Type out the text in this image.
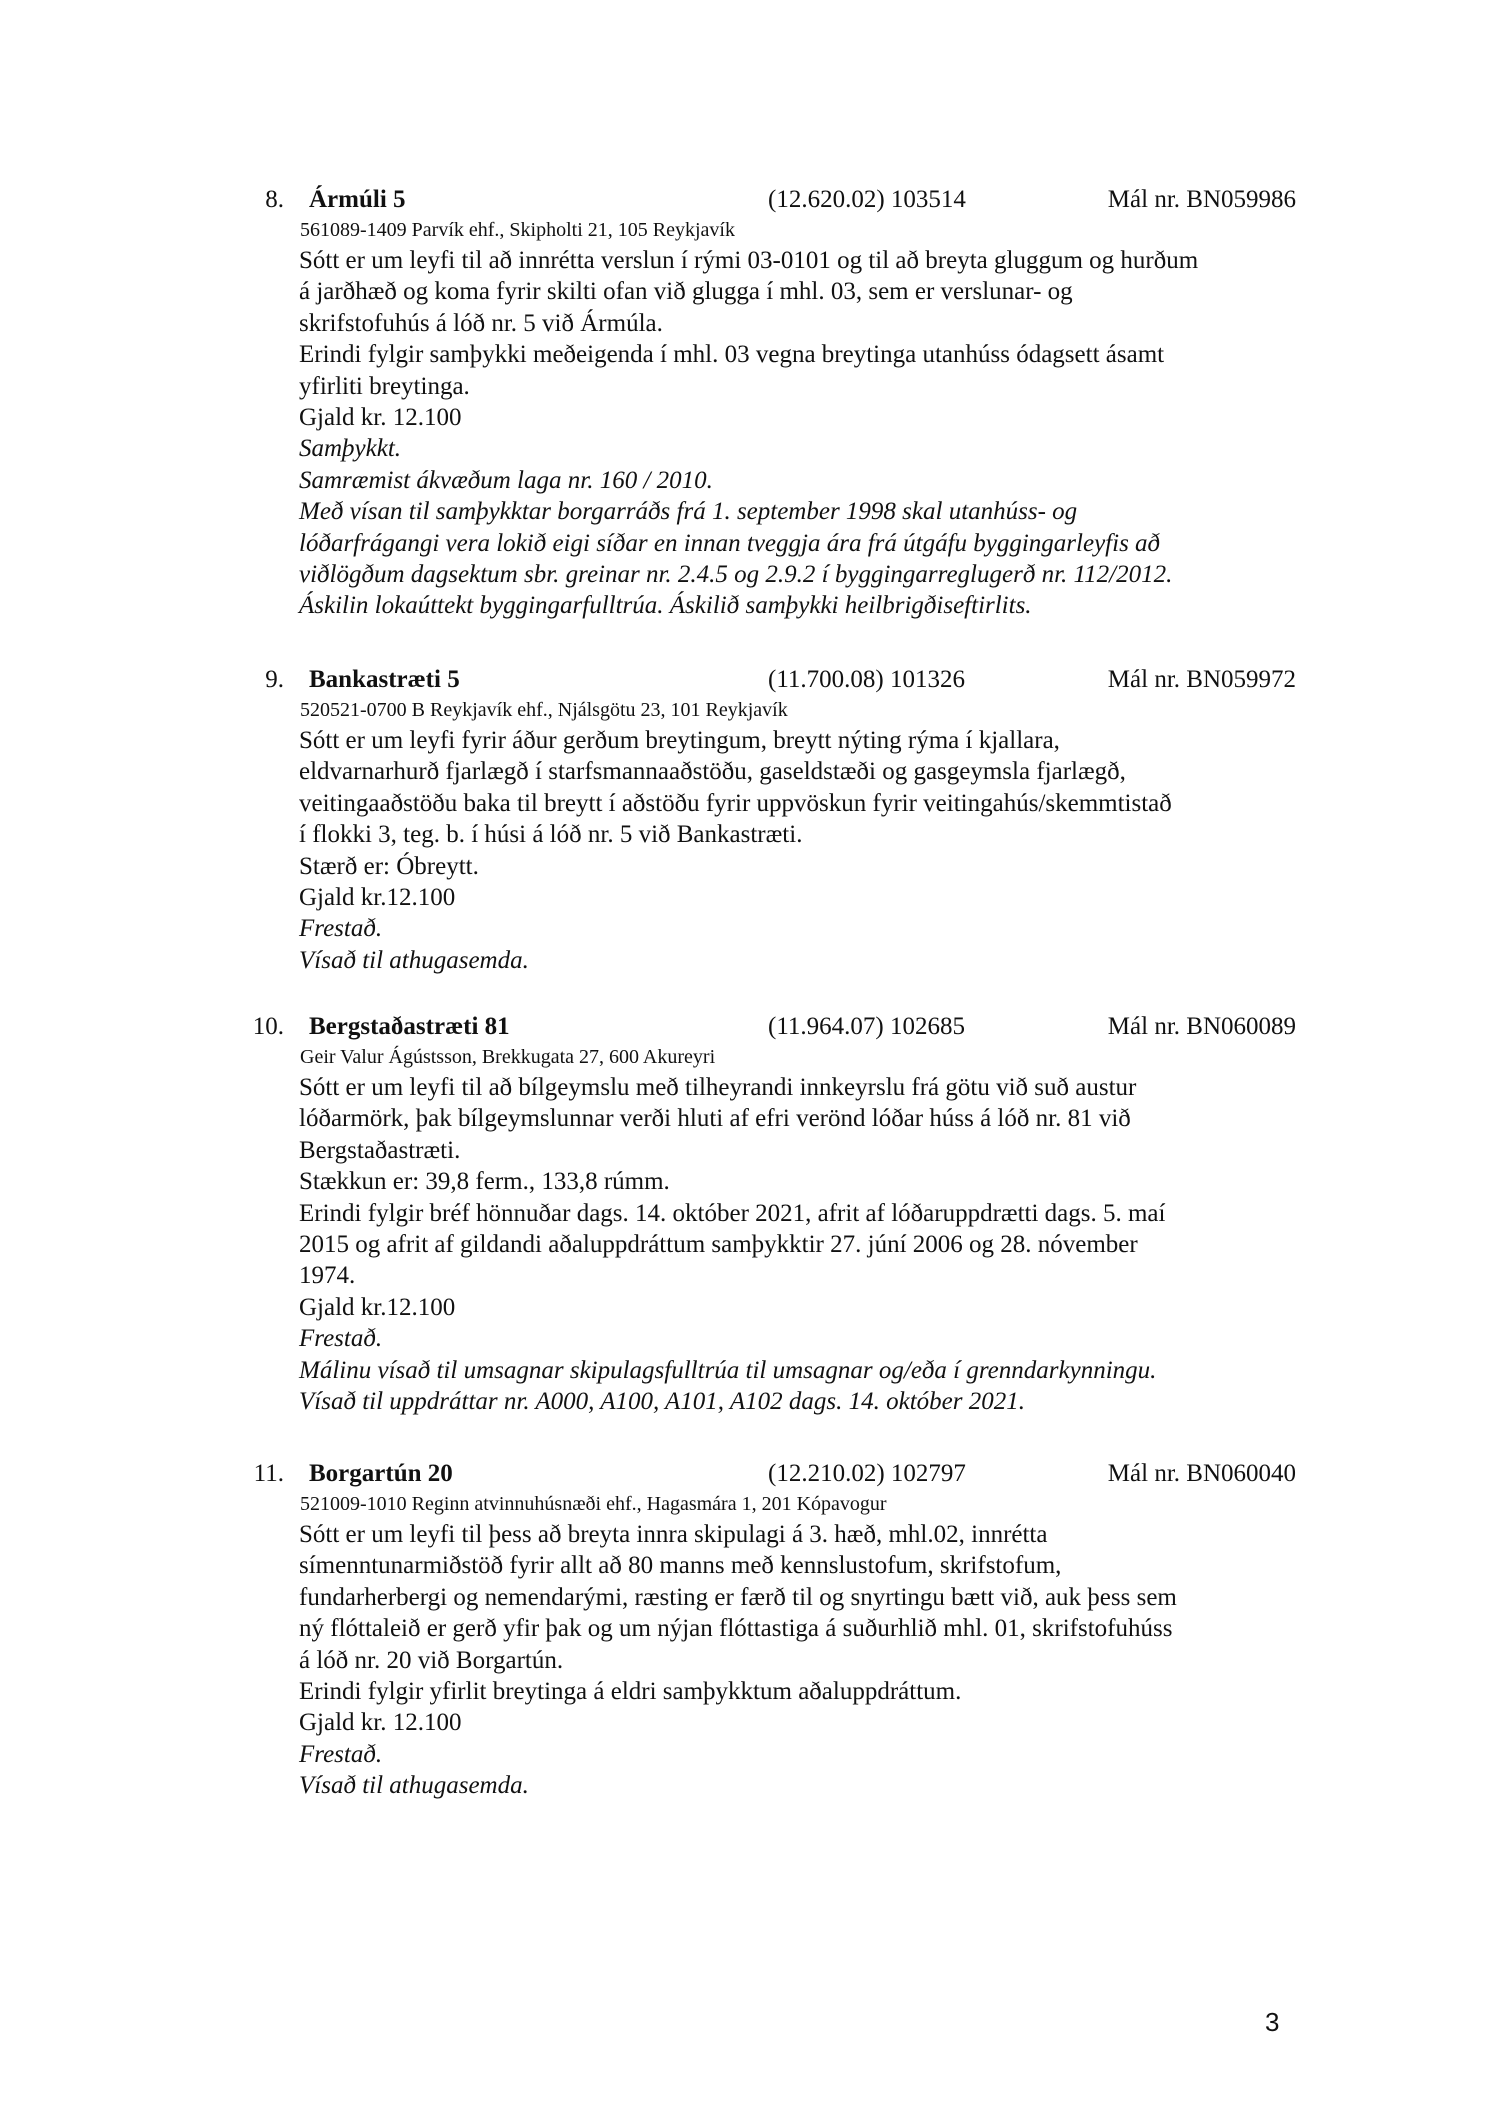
8. Ármúli 5	(12.620.02) 103514	Mál nr. BN059986
561089-1409 Parvík ehf., Skipholti 21, 105 Reykjavík

Sótt er um leyfi til að innrétta verslun í rými 03-0101 og til að breyta gluggum og hurðum

á jarðhæð og koma fyrir skilti ofan við glugga í mhl. 03, sem er verslunar- og

skrifstofuhús á lóð nr. 5 við Ármúla.

Erindi fylgir samþykki meðeigenda í mhl. 03 vegna breytinga utanhúss ódagsett ásamt

yfirliti breytinga.

Gjald kr. 12.100

Samþykkt.

Samræmist ákvæðum laga nr. 160 / 2010.

Með vísan til samþykktar borgarráðs frá 1. september 1998 skal utanhúss- og

lóðarfrágangi vera lokið eigi síðar en innan tveggja ára frá útgáfu byggingarleyfis að

viðlögðum dagsektum sbr. greinar nr. 2.4.5 og 2.9.2 í byggingarreglugerð nr. 112/2012.

Áskilin lokaúttekt byggingarfulltrúa. Áskilið samþykki heilbrigðiseftirlits.

9. Bankastræti 5	(11.700.08) 101326	Mál nr. BN059972
520521-0700 B Reykjavík ehf., Njálsgötu 23, 101 Reykjavík

Sótt er um leyfi fyrir áður gerðum breytingum, breytt nýting rýma í kjallara,

eldvarnarhurð fjarlægð í starfsmannaaðstöðu, gaseldstæði og gasgeymsla fjarlægð,

veitingaaðstöðu baka til breytt í aðstöðu fyrir uppvöskun fyrir veitingahús/skemmtistað

í flokki 3, teg. b. í húsi á lóð nr. 5 við Bankastræti.

Stærð er: Óbreytt.

Gjald kr.12.100

Frestað.

Vísað til athugasemda.

10. Bergstaðastræti 81	(11.964.07) 102685	Mál nr. BN060089
Geir Valur Ágústsson, Brekkugata 27, 600 Akureyri

Sótt er um leyfi til að bílgeymslu með tilheyrandi innkeyrslu frá götu við suð austur

lóðarmörk, þak bílgeymslunnar verði hluti af efri verönd lóðar húss á lóð nr. 81 við

Bergstaðastræti.

Stækkun er: 39,8 ferm., 133,8 rúmm.

Erindi fylgir bréf hönnuðar dags. 14. október 2021, afrit af lóðaruppdrætti dags. 5. maí

2015 og afrit af gildandi aðaluppdráttum samþykktir 27. júní 2006 og 28. nóvember

1974.

Gjald kr.12.100

Frestað.

Málinu vísað til umsagnar skipulagsfulltrúa til umsagnar og/eða í grenndarkynningu.

Vísað til uppdráttar nr. A000, A100, A101, A102 dags. 14. október 2021.

11. Borgartún 20	(12.210.02) 102797	Mál nr. BN060040
521009-1010 Reginn atvinnuhúsnæði ehf., Hagasmára 1, 201 Kópavogur

Sótt er um leyfi til þess að breyta innra skipulagi á 3. hæð, mhl.02, innrétta

símenntunarmiðstöð fyrir allt að 80 manns með kennslustofum, skrifstofum,

fundarherbergi og nemendarými, ræsting er færð til og snyrtingu bætt við, auk þess sem

ný flóttaleið er gerð yfir þak og um nýjan flóttastiga á suðurhlið mhl. 01, skrifstofuhúss

á lóð nr. 20 við Borgartún.

Erindi fylgir yfirlit breytinga á eldri samþykktum aðaluppdráttum.

Gjald kr. 12.100

Frestað.

Vísað til athugasemda.

3
